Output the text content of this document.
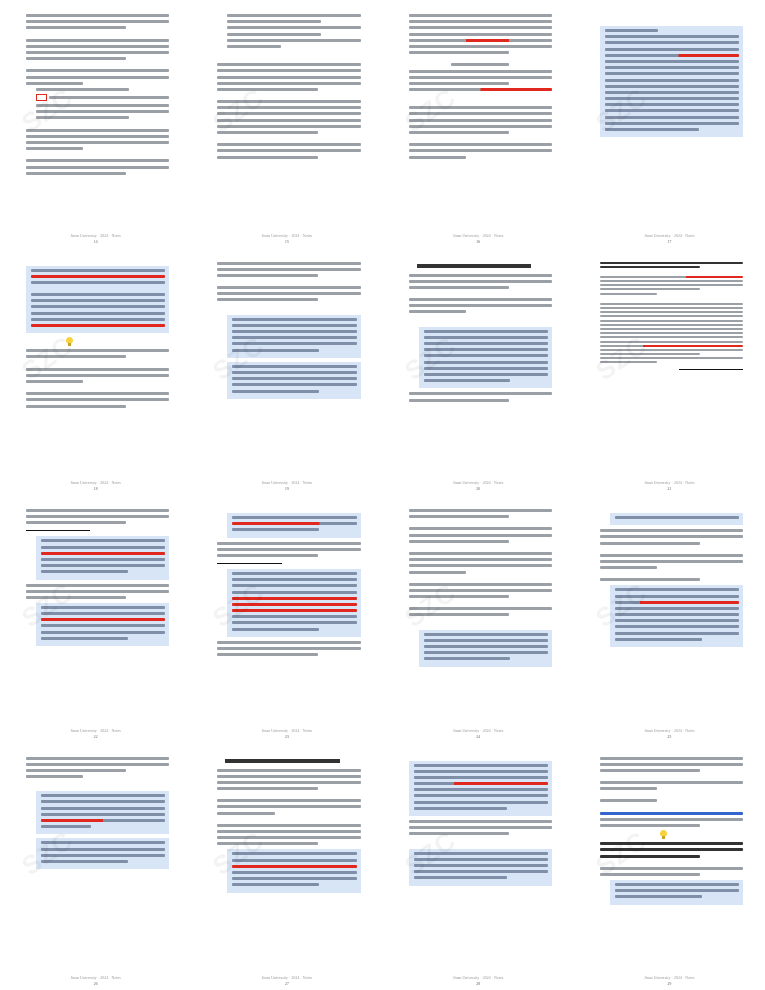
Jinan University · 2024 · Notes
14
Jinan University · 2024 · Notes
15
Jinan University · 2024 · Notes
16
Jinan University · 2024 · Notes
17
Jinan University · 2024 · Notes
18
Jinan University · 2024 · Notes
19
Jinan University · 2024 · Notes
20
Jinan University · 2024 · Notes
21
Jinan University · 2024 · Notes
22
Jinan University · 2024 · Notes
23
Jinan University · 2024 · Notes
24
Jinan University · 2024 · Notes
25
Jinan University · 2024 · Notes
26
Jinan University · 2024 · Notes
27
Jinan University · 2024 · Notes
28
Jinan University · 2024 · Notes
29
